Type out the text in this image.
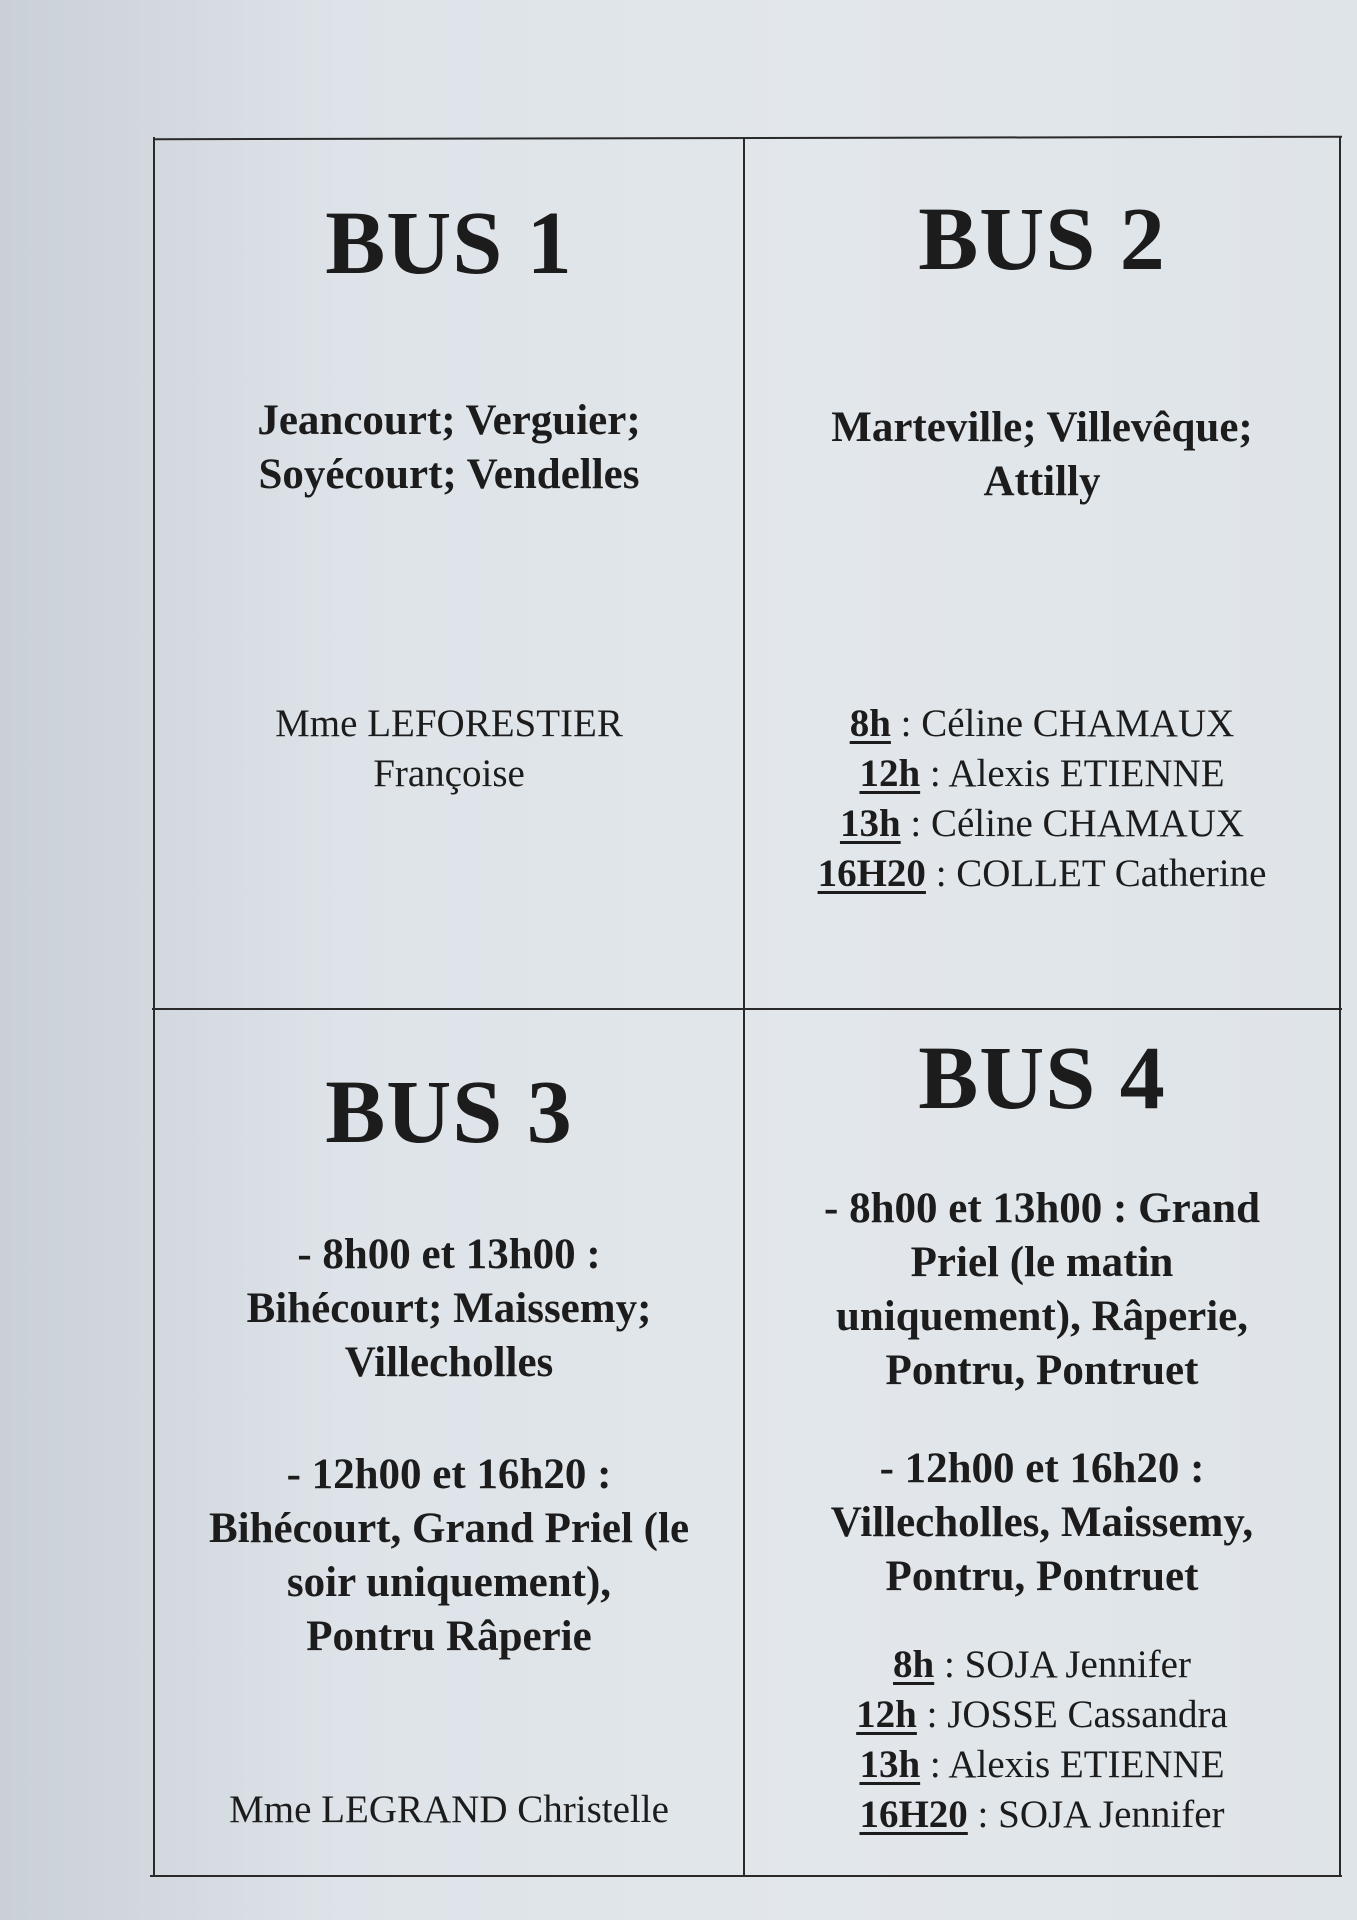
BUS 1
Jeancourt; Verguier;
Soyécourt; Vendelles
Mme LEFORESTIER
Françoise
BUS 2
Marteville; Villevêque;
Attilly
8h : Céline CHAMAUX
12h : Alexis ETIENNE
13h : Céline CHAMAUX
16H20 : COLLET Catherine
BUS 3
- 8h00 et 13h00 :
Bihécourt; Maissemy;
Villecholles
- 12h00 et 16h20 :
Bihécourt, Grand Priel (le
soir uniquement),
Pontru Râperie
Mme LEGRAND Christelle
BUS 4
- 8h00 et 13h00 : Grand
Priel (le matin
uniquement), Râperie,
Pontru, Pontruet
- 12h00 et 16h20 :
Villecholles, Maissemy,
Pontru, Pontruet
8h : SOJA Jennifer
12h : JOSSE Cassandra
13h : Alexis ETIENNE
16H20 : SOJA Jennifer
